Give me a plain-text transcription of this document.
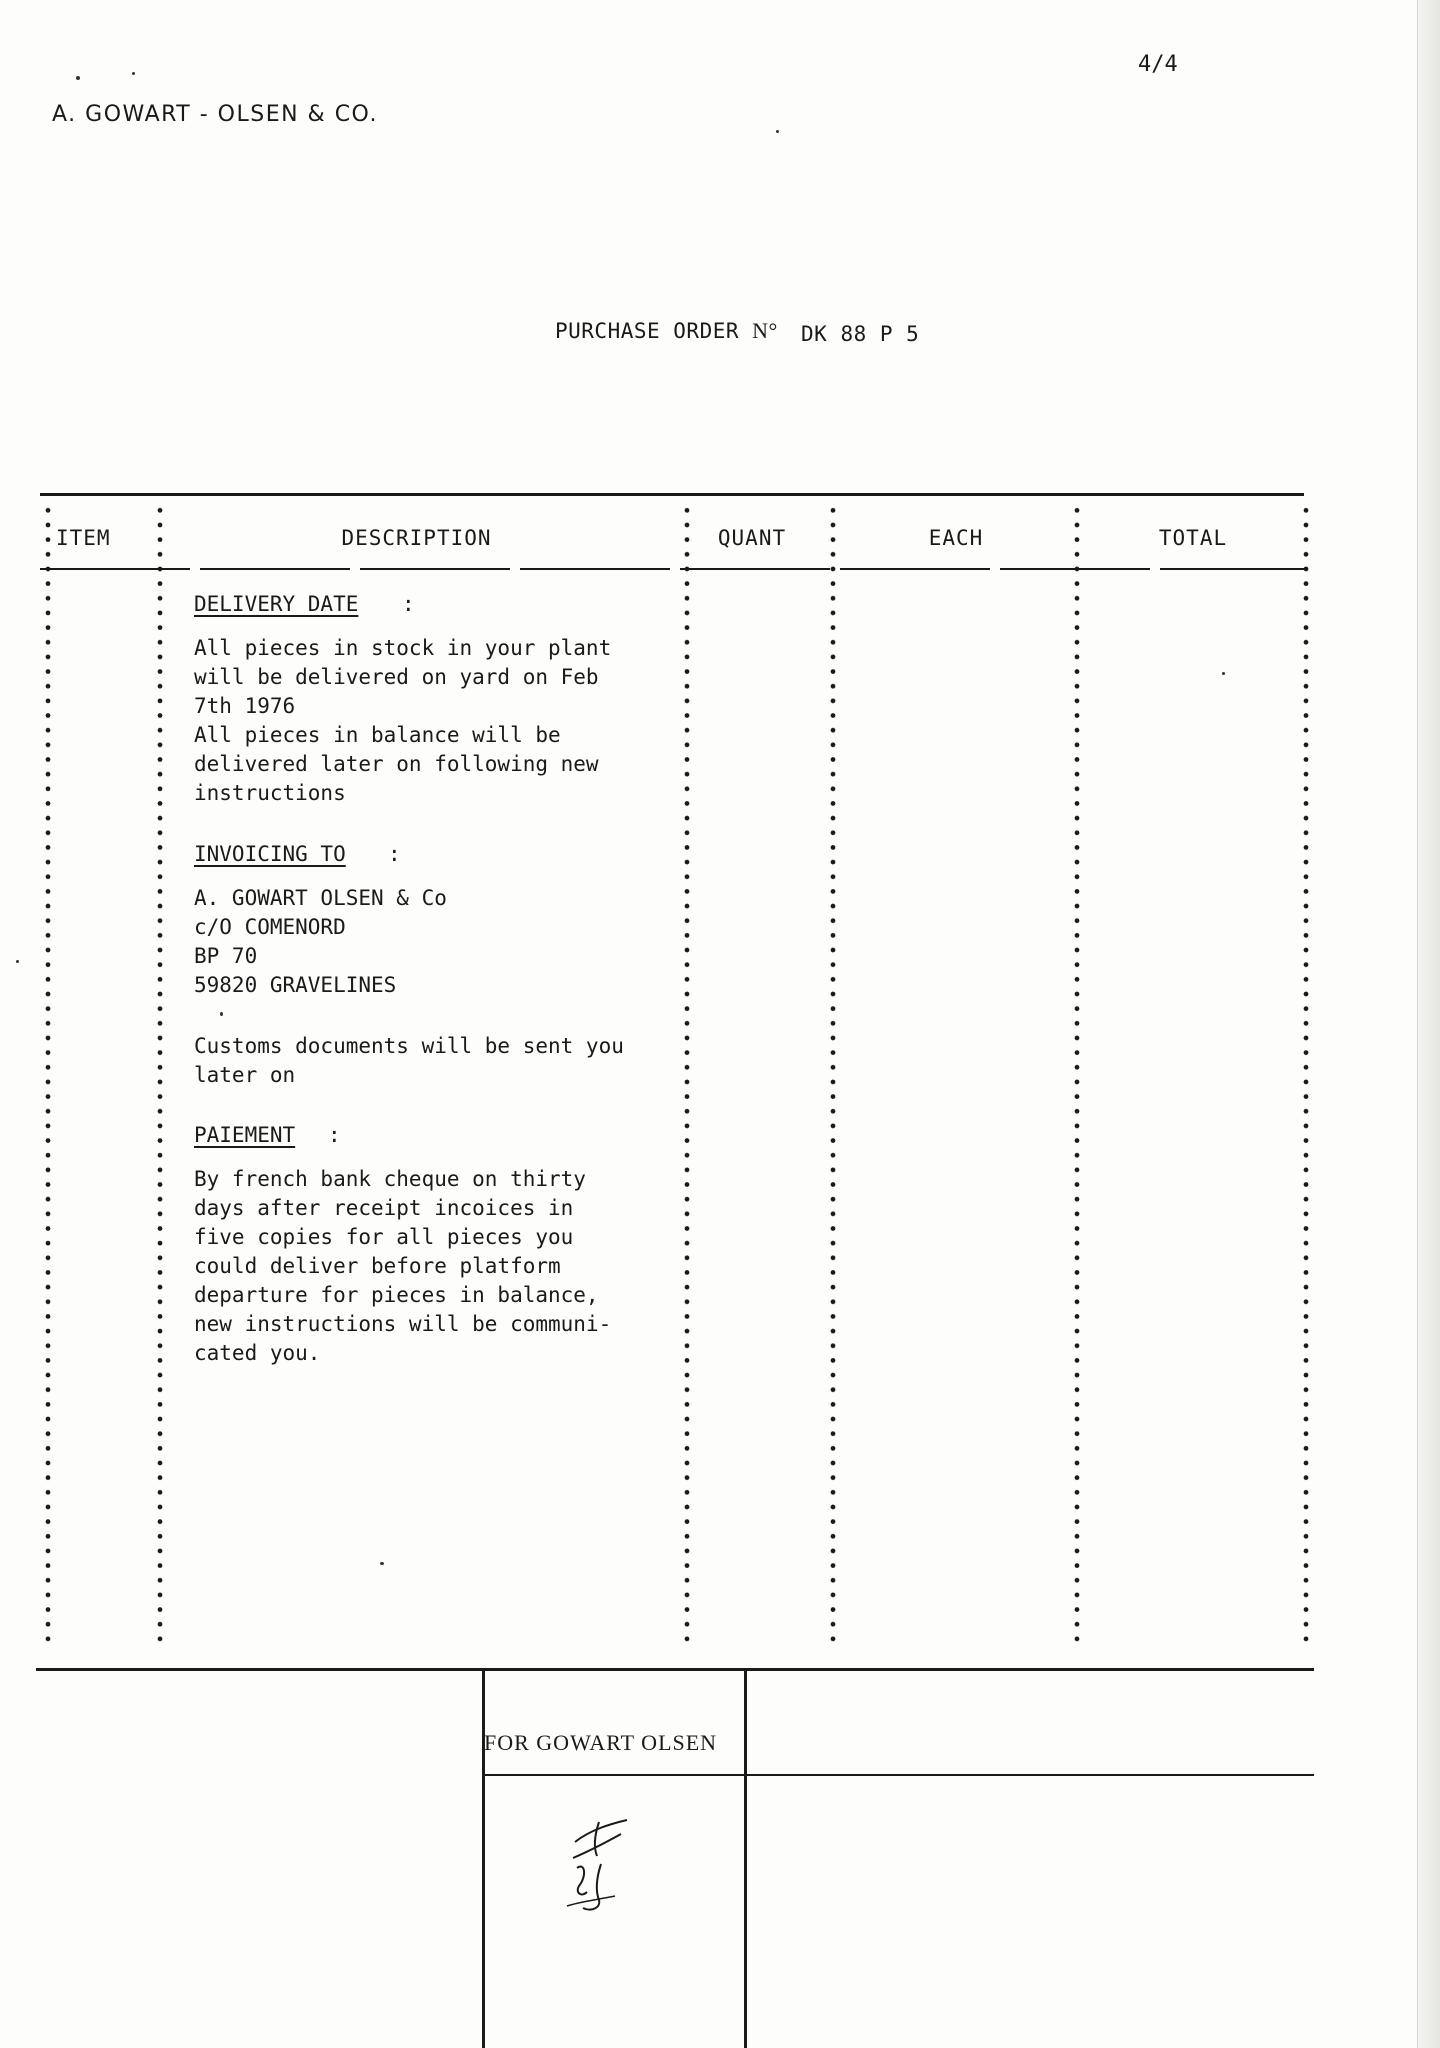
4/4
A. GOWART - OLSEN & CO.
PURCHASE ORDER N° DK 88 P 5
ITEM	DESCRIPTION	QUANT	EACH	TOTAL
DELIVERY DATE :
All pieces in stock in your plant
will be delivered on yard on Feb
7th 1976
All pieces in balance will be
delivered later on following new
instructions
INVOICING TO :
A. GOWART OLSEN & Co
c/O COMENORD
BP 70
59820 GRAVELINES
Customs documents will be sent you
later on
PAIEMENT :
By french bank cheque on thirty
days after receipt incoices in
five copies for all pieces you
could deliver before platform
departure for pieces in balance,
new instructions will be communi-
cated you.
FOR GOWART OLSEN
